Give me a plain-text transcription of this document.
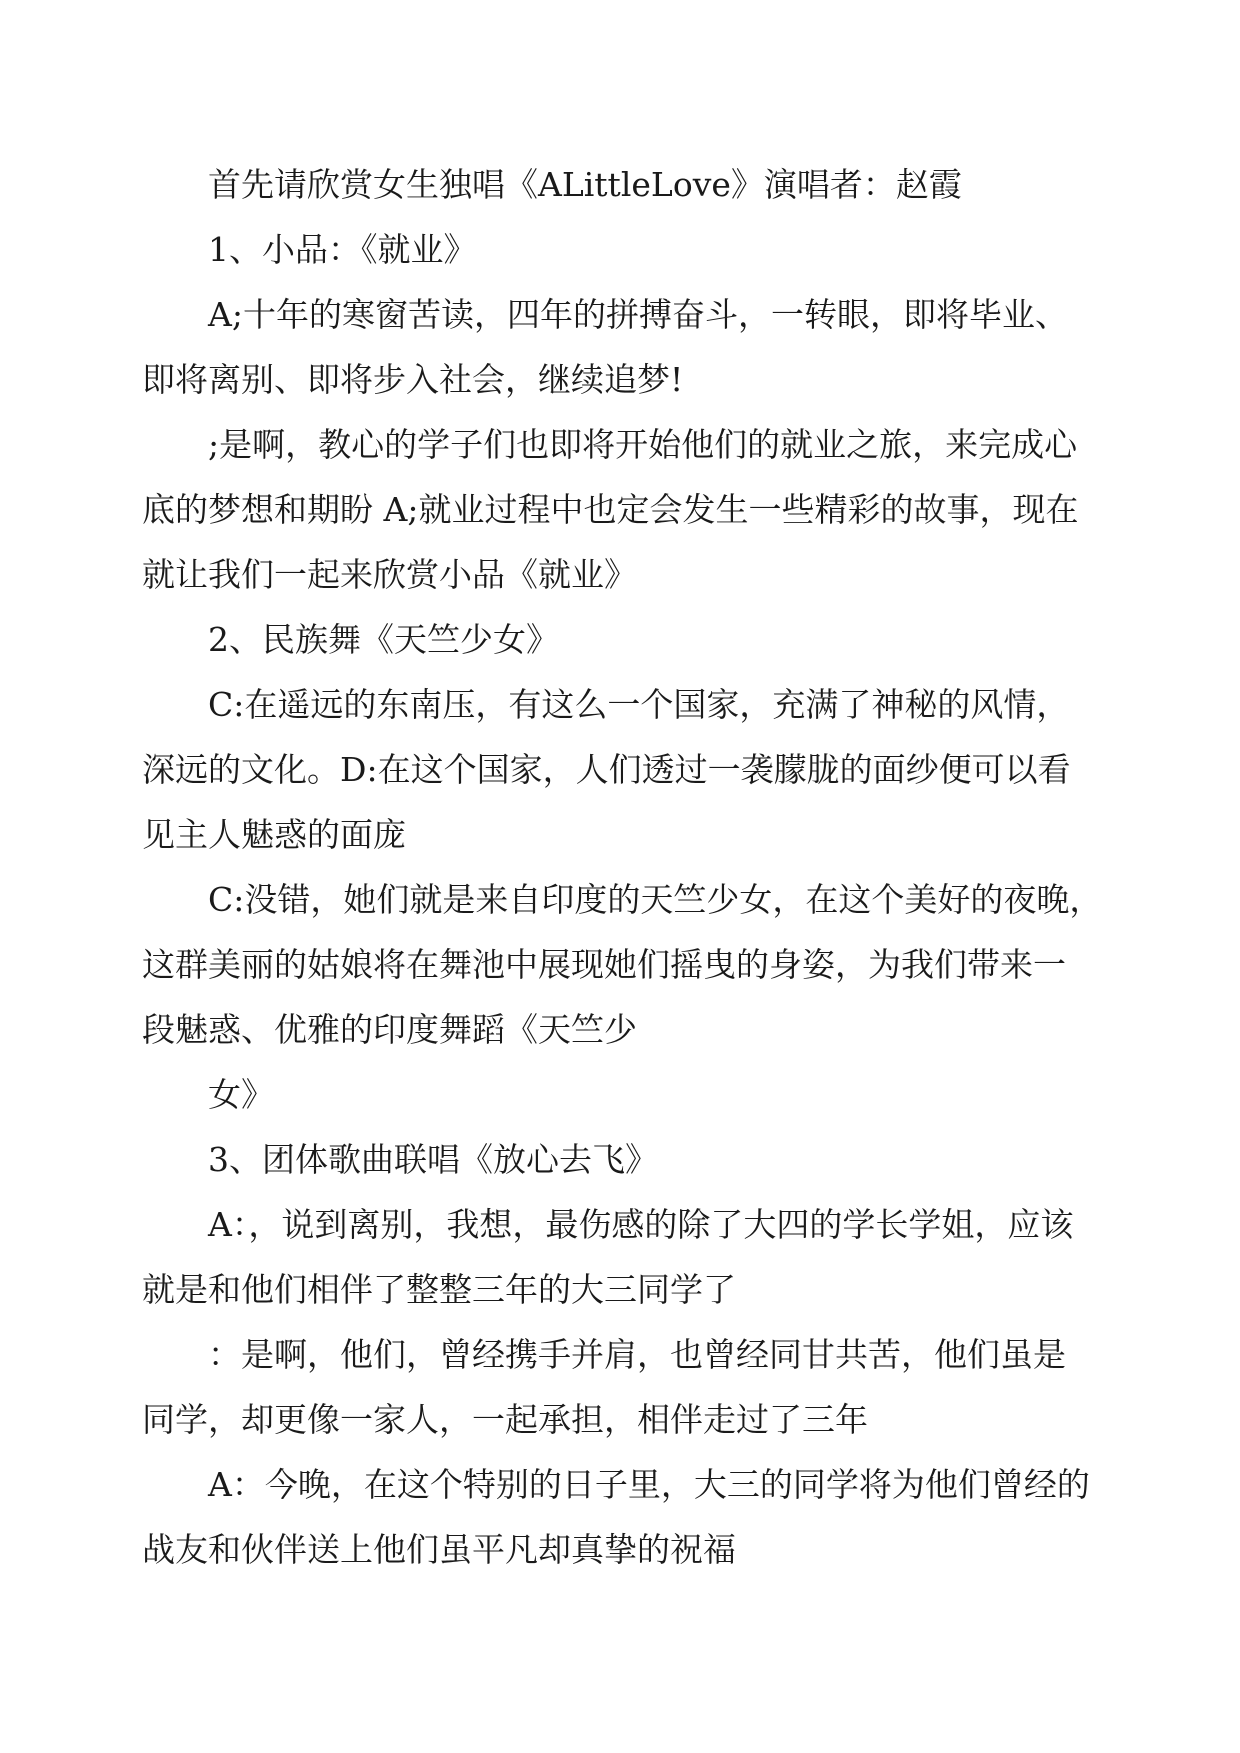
首先请欣赏女生独唱《ALittleLove》演唱者：赵霞

1、小品：《就业》

A;十年的寒窗苦读，四年的拼搏奋斗，一转眼，即将毕业、

即将离别、即将步入社会，继续追梦!

;是啊，教心的学子们也即将开始他们的就业之旅，来完成心

底的梦想和期盼 A;就业过程中也定会发生一些精彩的故事，现在

就让我们一起来欣赏小品《就业》

2、民族舞《天竺少女》

C:在遥远的东南压，有这么一个国家，充满了神秘的风情，

深远的文化。D:在这个国家，人们透过一袭朦胧的面纱便可以看

见主人魅惑的面庞

C:没错，她们就是来自印度的天竺少女，在这个美好的夜晚，

这群美丽的姑娘将在舞池中展现她们摇曳的身姿，为我们带来一

段魅惑、优雅的印度舞蹈《天竺少

女》

3、团体歌曲联唱《放心去飞》

A：，说到离别，我想，最伤感的除了大四的学长学姐，应该

就是和他们相伴了整整三年的大三同学了

：是啊，他们，曾经携手并肩，也曾经同甘共苦，他们虽是

同学，却更像一家人，一起承担，相伴走过了三年

A：今晚，在这个特别的日子里，大三的同学将为他们曾经的

战友和伙伴送上他们虽平凡却真挚的祝福
